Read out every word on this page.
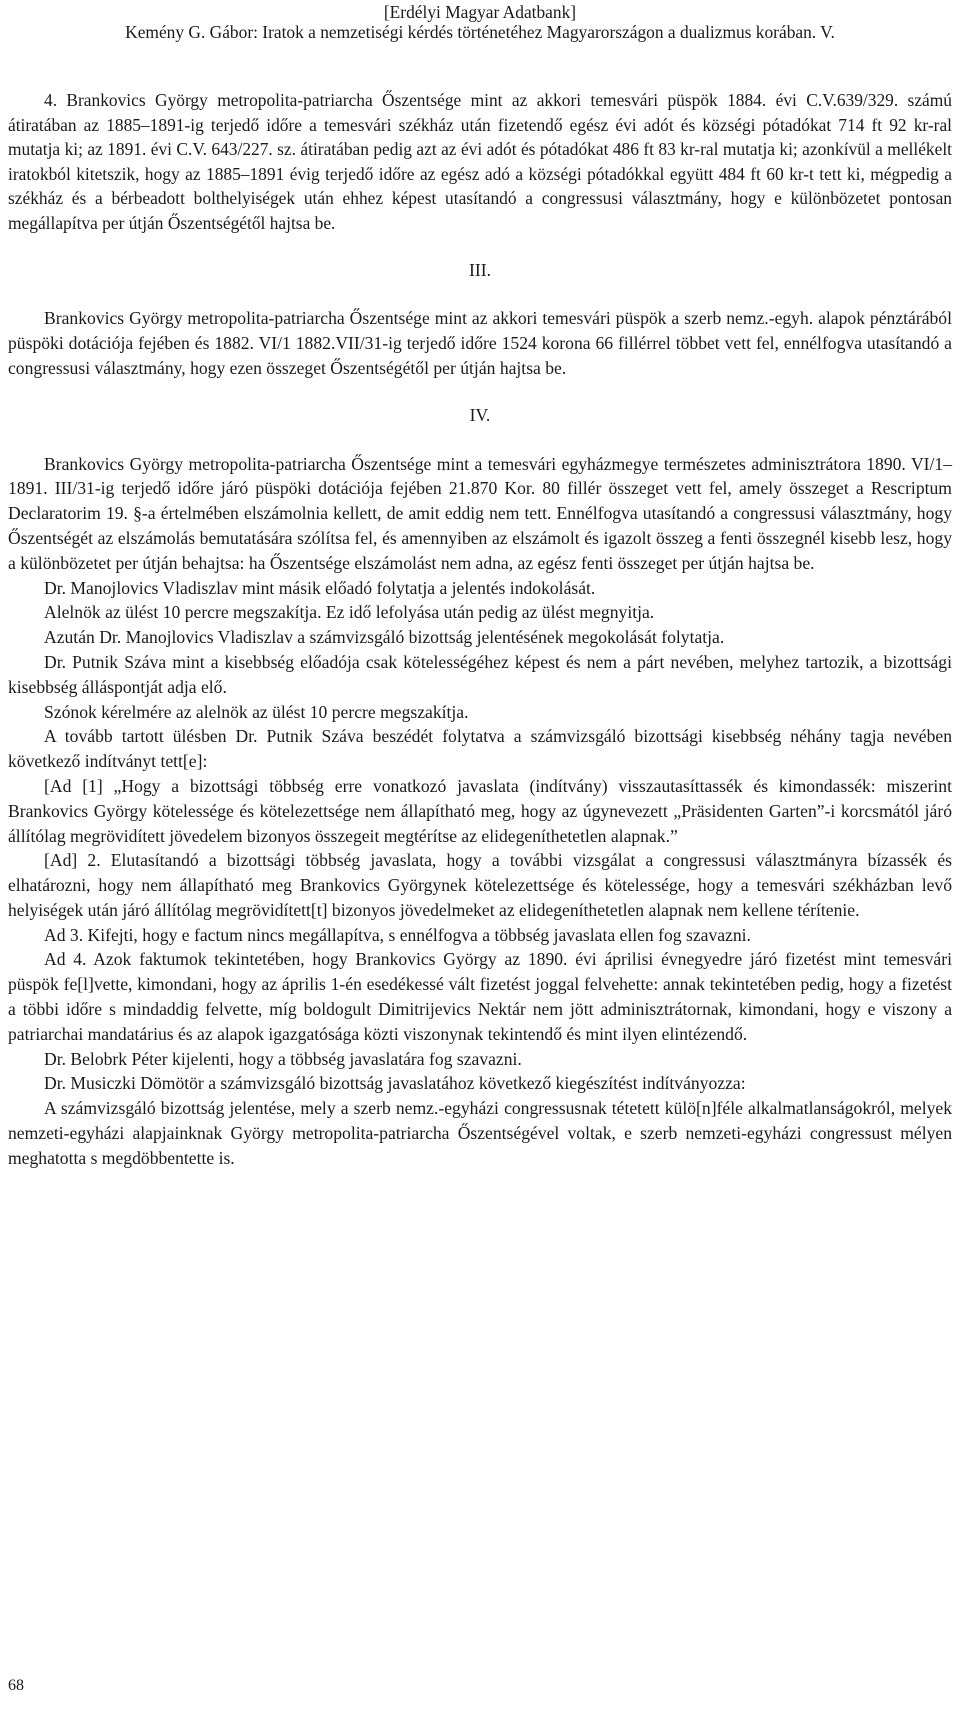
[Erdélyi Magyar Adatbank]
Kemény G. Gábor: Iratok a nemzetiségi kérdés történetéhez Magyarországon a dualizmus korában. V.

4. Brankovics György metropolita-patriarcha Őszentsége mint az akkori temesvári püspök 1884. évi C.V.639/329. számú átiratában az 1885–1891-ig terjedő időre a temesvári székház után fizetendő egész évi adót és községi pótadókat 714 ft 92 kr-ral mutatja ki; az 1891. évi C.V. 643/227. sz. átiratában pedig azt az évi adót és pótadókat 486 ft 83 kr-ral mutatja ki; azonkívül a mellékelt iratokból kitetszik, hogy az 1885–1891 évig terjedő időre az egész adó a községi pótadókkal együtt 484 ft 60 kr-t tett ki, mégpedig a székház és a bérbeadott bolthelyiségek után ehhez képest utasítandó a congressusi választmány, hogy e különbözetet pontosan megállapítva per útján Őszentségétől hajtsa be.

III.

Brankovics György metropolita-patriarcha Őszentsége mint az akkori temesvári püspök a szerb nemz.-egyh. alapok pénztárából püspöki dotációja fejében és 1882. VI/1 1882.VII/31-ig terjedő időre 1524 korona 66 fillérrel többet vett fel, ennélfogva utasítandó a congressusi választmány, hogy ezen összeget Őszentségétől per útján hajtsa be.

IV.

Brankovics György metropolita-patriarcha Őszentsége mint a temesvári egyházmegye természetes adminisztrátora 1890. VI/1–1891. III/31-ig terjedő időre járó püspöki dotációja fejében 21.870 Kor. 80 fillér összeget vett fel, amely összeget a Rescriptum Declaratorim 19. §-a értelmében elszámolnia kellett, de amit eddig nem tett. Ennélfogva utasítandó a congressusi választmány, hogy Őszentségét az elszámolás bemutatására szólítsa fel, és amennyiben az elszámolt és igazolt összeg a fenti összegnél kisebb lesz, hogy a különbözetet per útján behajtsa: ha Őszentsége elszámolást nem adna, az egész fenti összeget per útján hajtsa be.

Dr. Manojlovics Vladiszlav mint másik előadó folytatja a jelentés indokolását.

Alelnök az ülést 10 percre megszakítja. Ez idő lefolyása után pedig az ülést megnyitja.

Azután Dr. Manojlovics Vladiszlav a számvizsgáló bizottság jelentésének megokolását folytatja.

Dr. Putnik Száva mint a kisebbség előadója csak kötelességéhez képest és nem a párt nevében, melyhez tartozik, a bizottsági kisebbség álláspontját adja elő.

Szónok kérelmére az alelnök az ülést 10 percre megszakítja.

A tovább tartott ülésben Dr. Putnik Száva beszédét folytatva a számvizsgáló bizottsági kisebbség néhány tagja nevében következő indítványt tett[e]:

[Ad [1] „Hogy a bizottsági többség erre vonatkozó javaslata (indítvány) visszautasíttassék és kimondassék: miszerint Brankovics György kötelessége és kötelezettsége nem állapítható meg, hogy az úgynevezett „Präsidenten Garten”-i korcsmától járó állítólag megrövidített jövedelem bizonyos összegeit megtérítse az elidegeníthetetlen alapnak.”

[Ad] 2. Elutasítandó a bizottsági többség javaslata, hogy a további vizsgálat a congressusi választmányra bízassék és elhatározni, hogy nem állapítható meg Brankovics Györgynek kötelezettsége és kötelessége, hogy a temesvári székházban levő helyiségek után járó állítólag megrövidített[t] bizonyos jövedelmeket az elidegeníthetetlen alapnak nem kellene térítenie.

Ad 3. Kifejti, hogy e factum nincs megállapítva, s ennélfogva a többség javaslata ellen fog szavazni.

Ad 4. Azok faktumok tekintetében, hogy Brankovics György az 1890. évi áprilisi évnegyedre járó fizetést mint temesvári püspök fe[l]vette, kimondani, hogy az április 1-én esedékessé vált fizetést joggal felvehette: annak tekintetében pedig, hogy a fizetést a többi időre s mindaddig felvette, míg boldogult Dimitrijevics Nektár nem jött adminisztrátornak, kimondani, hogy e viszony a patriarchai mandatárius és az alapok igazgatósága közti viszonynak tekintendő és mint ilyen elintézendő.

Dr. Belobrk Péter kijelenti, hogy a többség javaslatára fog szavazni.

Dr. Musiczki Dömötör a számvizsgáló bizottság javaslatához következő kiegészítést indítványozza:

A számvizsgáló bizottság jelentése, mely a szerb nemz.-egyházi congressusnak tétetett külö[n]féle alkalmatlanságokról, melyek nemzeti-egyházi alapjainknak György metropolita-patriarcha Őszentségével voltak, e szerb nemzeti-egyházi congressust mélyen meghatotta s megdöbbentette is.

68
